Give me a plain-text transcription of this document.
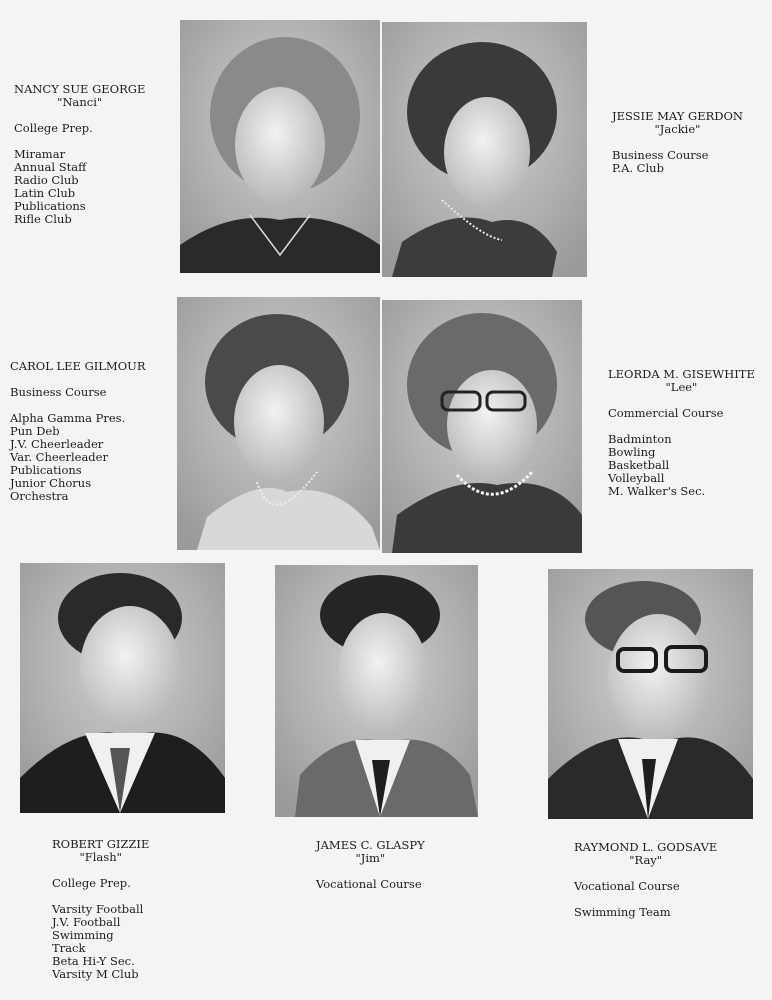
NANCY SUE GEORGE
"Nanci"
College Prep.
Miramar
Annual Staff
Radio Club
Latin Club
Publications
Rifle Club
JESSIE MAY GERDON
"Jackie"
Business Course
P.A. Club
CAROL LEE GILMOUR
Business Course
Alpha Gamma Pres.
Pun Deb
J.V. Cheerleader
Var. Cheerleader
Publications
Junior Chorus
Orchestra
LEORDA M. GISEWHITE
"Lee"
Commercial Course
Badminton
Bowling
Basketball
Volleyball
M. Walker's Sec.
ROBERT GIZZIE
"Flash"
College Prep.
Varsity Football
J.V. Football
Swimming
Track
Beta Hi-Y Sec.
Varsity M Club
JAMES C. GLASPY
"Jim"
Vocational Course
RAYMOND L. GODSAVE
"Ray"
Vocational Course
Swimming Team
